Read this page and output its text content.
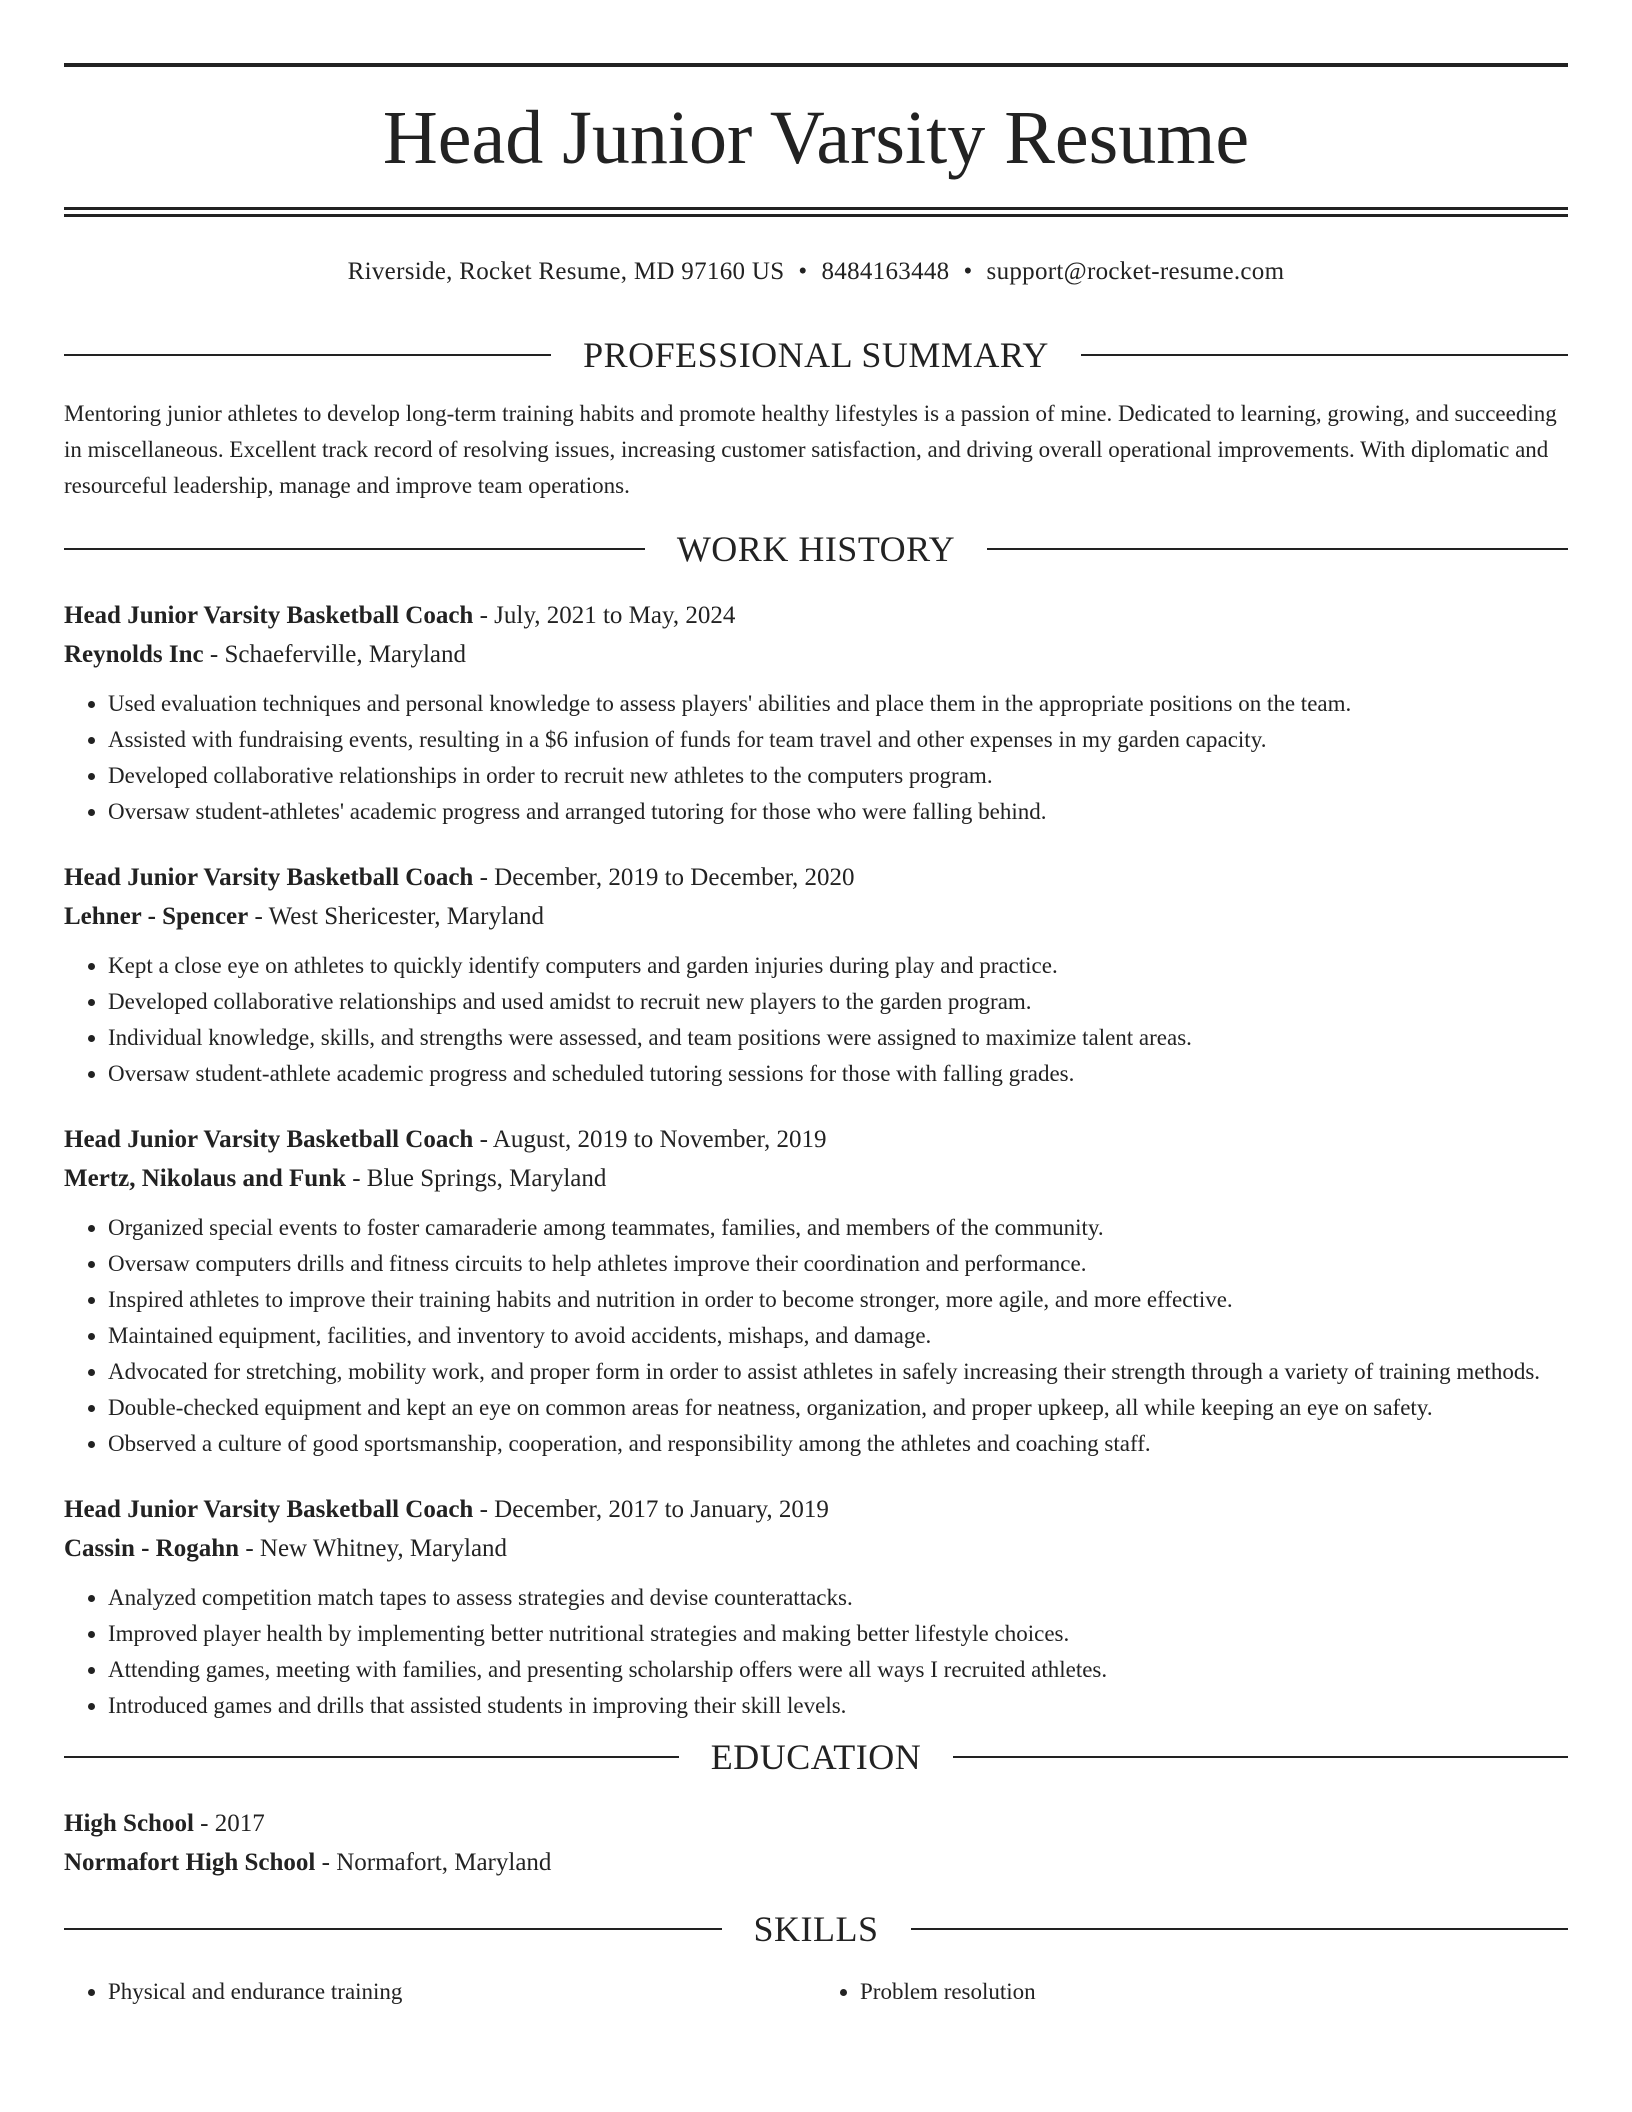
Head Junior Varsity Resume
Riverside, Rocket Resume, MD 97160 US • 8484163448 • support@rocket-resume.com
PROFESSIONAL SUMMARY
Mentoring junior athletes to develop long-term training habits and promote healthy lifestyles is a passion of mine. Dedicated to learning, growing, and succeeding in miscellaneous. Excellent track record of resolving issues, increasing customer satisfaction, and driving overall operational improvements. With diplomatic and resourceful leadership, manage and improve team operations.
WORK HISTORY
Head Junior Varsity Basketball Coach - July, 2021 to May, 2024
Reynolds Inc - Schaeferville, Maryland
• Used evaluation techniques and personal knowledge to assess players' abilities and place them in the appropriate positions on the team.
• Assisted with fundraising events, resulting in a $6 infusion of funds for team travel and other expenses in my garden capacity.
• Developed collaborative relationships in order to recruit new athletes to the computers program.
• Oversaw student-athletes' academic progress and arranged tutoring for those who were falling behind.
Head Junior Varsity Basketball Coach - December, 2019 to December, 2020
Lehner - Spencer - West Shericester, Maryland
• Kept a close eye on athletes to quickly identify computers and garden injuries during play and practice.
• Developed collaborative relationships and used amidst to recruit new players to the garden program.
• Individual knowledge, skills, and strengths were assessed, and team positions were assigned to maximize talent areas.
• Oversaw student-athlete academic progress and scheduled tutoring sessions for those with falling grades.
Head Junior Varsity Basketball Coach - August, 2019 to November, 2019
Mertz, Nikolaus and Funk - Blue Springs, Maryland
• Organized special events to foster camaraderie among teammates, families, and members of the community.
• Oversaw computers drills and fitness circuits to help athletes improve their coordination and performance.
• Inspired athletes to improve their training habits and nutrition in order to become stronger, more agile, and more effective.
• Maintained equipment, facilities, and inventory to avoid accidents, mishaps, and damage.
• Advocated for stretching, mobility work, and proper form in order to assist athletes in safely increasing their strength through a variety of training methods.
• Double-checked equipment and kept an eye on common areas for neatness, organization, and proper upkeep, all while keeping an eye on safety.
• Observed a culture of good sportsmanship, cooperation, and responsibility among the athletes and coaching staff.
Head Junior Varsity Basketball Coach - December, 2017 to January, 2019
Cassin - Rogahn - New Whitney, Maryland
• Analyzed competition match tapes to assess strategies and devise counterattacks.
• Improved player health by implementing better nutritional strategies and making better lifestyle choices.
• Attending games, meeting with families, and presenting scholarship offers were all ways I recruited athletes.
• Introduced games and drills that assisted students in improving their skill levels.
EDUCATION
High School - 2017
Normafort High School - Normafort, Maryland
SKILLS
• Physical and endurance training
•	Problem resolution
